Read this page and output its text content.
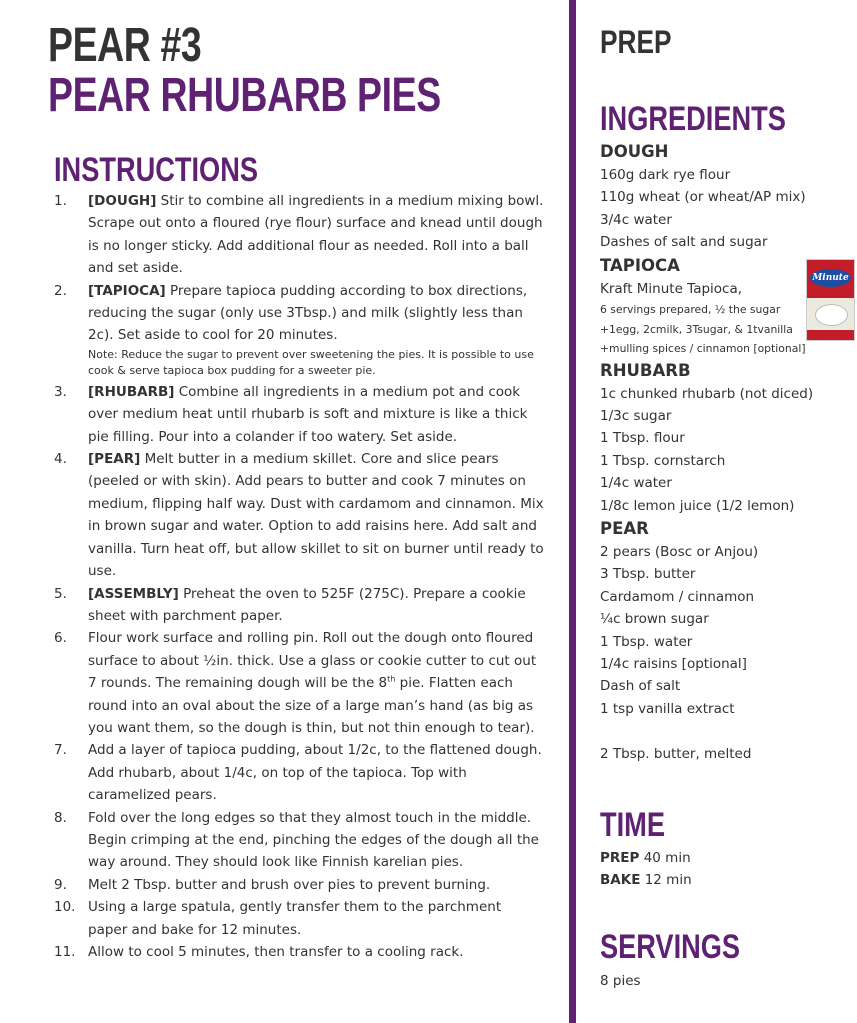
PEAR #3
PEAR RHUBARB PIES
INSTRUCTIONS
1. [DOUGH] Stir to combine all ingredients in a medium mixing bowl. Scrape out onto a floured (rye flour) surface and knead until dough is no longer sticky. Add additional flour as needed. Roll into a ball and set aside.
2. [TAPIOCA] Prepare tapioca pudding according to box directions, reducing the sugar (only use 3Tbsp.) and milk (slightly less than 2c). Set aside to cool for 20 minutes.
Note: Reduce the sugar to prevent over sweetening the pies. It is possible to use cook & serve tapioca box pudding for a sweeter pie.
3. [RHUBARB] Combine all ingredients in a medium pot and cook over medium heat until rhubarb is soft and mixture is like a thick pie filling. Pour into a colander if too watery. Set aside.
4. [PEAR] Melt butter in a medium skillet. Core and slice pears (peeled or with skin). Add pears to butter and cook 7 minutes on medium, flipping half way. Dust with cardamom and cinnamon. Mix in brown sugar and water. Option to add raisins here. Add salt and vanilla. Turn heat off, but allow skillet to sit on burner until ready to use.
5. [ASSEMBLY] Preheat the oven to 525F (275C). Prepare a cookie sheet with parchment paper.
6. Flour work surface and rolling pin. Roll out the dough onto floured surface to about ½in. thick. Use a glass or cookie cutter to cut out 7 rounds. The remaining dough will be the 8th pie. Flatten each round into an oval about the size of a large man’s hand (as big as you want them, so the dough is thin, but not thin enough to tear).
7. Add a layer of tapioca pudding, about 1/2c, to the flattened dough. Add rhubarb, about 1/4c, on top of the tapioca. Top with caramelized pears.
8. Fold over the long edges so that they almost touch in the middle. Begin crimping at the end, pinching the edges of the dough all the way around. They should look like Finnish karelian pies.
9. Melt 2 Tbsp. butter and brush over pies to prevent burning.
10. Using a large spatula, gently transfer them to the parchment paper and bake for 12 minutes.
11. Allow to cool 5 minutes, then transfer to a cooling rack.
PREP
INGREDIENTS
DOUGH
160g dark rye flour
110g wheat (or wheat/AP mix)
3/4c water
Dashes of salt and sugar
TAPIOCA
Kraft Minute Tapioca,
6 servings prepared, ½ the sugar
+1egg, 2cmilk, 3Tsugar, & 1tvanilla
+mulling spices / cinnamon [optional]
RHUBARB
1c chunked rhubarb (not diced)
1/3c sugar
1 Tbsp. flour
1 Tbsp. cornstarch
1/4c water
1/8c lemon juice (1/2 lemon)
PEAR
2 pears (Bosc or Anjou)
3 Tbsp. butter
Cardamom / cinnamon
¼c brown sugar
1 Tbsp. water
1/4c raisins [optional]
Dash of salt
1 tsp vanilla extract
2 Tbsp. butter, melted
Minute
TIME
PREP 40 min
BAKE 12 min
SERVINGS
8 pies
